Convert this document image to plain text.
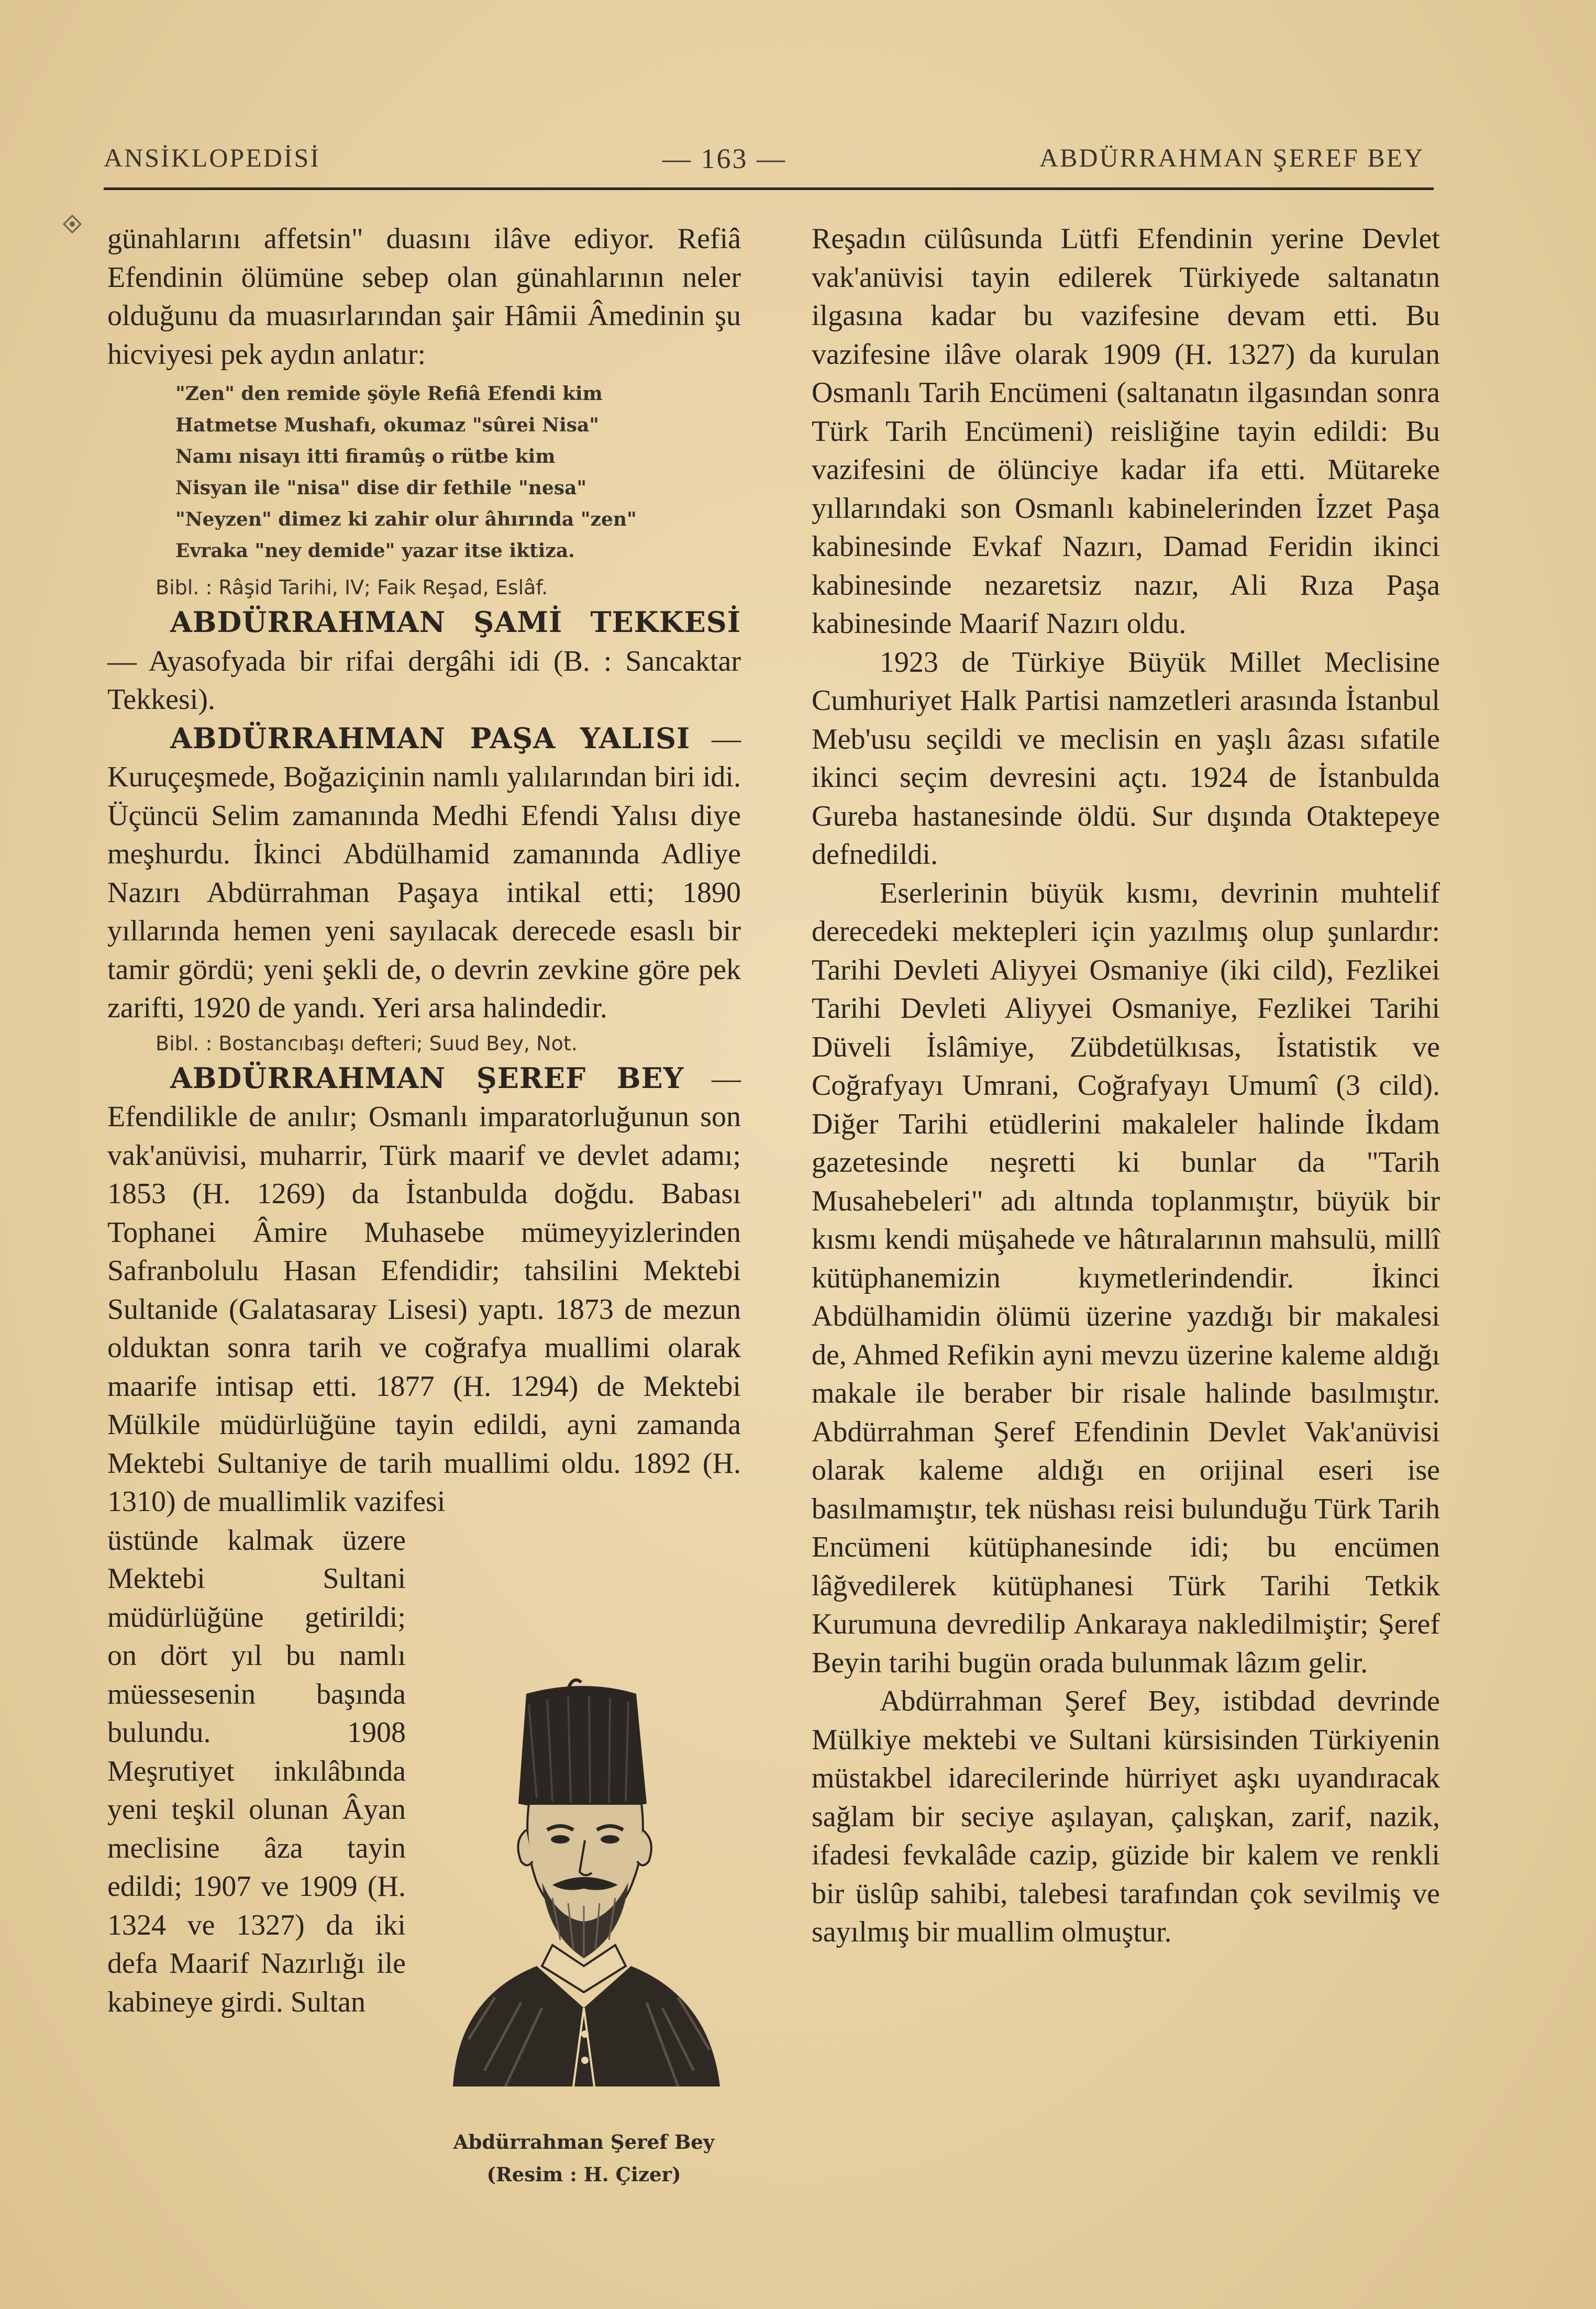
ANSİKLOPEDİSİ	— 163 —	ABDÜRRAHMAN ŞEREF BEY

günahlarını affetsin" duasını ilâve ediyor. Refiâ Efendinin ölümüne sebep olan günahlarının neler olduğunu da muasırlarından şair Hâmii Âmedinin şu hicviyesi pek aydın anlatır:

"Zen" den remide şöyle Refiâ Efendi kim
Hatmetse Mushafı, okumaz "sûrei Nisa"
Namı nisayı itti firamûş o rütbe kim
Nisyan ile "nisa" dise dir fethile "nesa"
"Neyzen" dimez ki zahir olur âhırında "zen"
Evraka "ney demide" yazar itse iktiza.
Bibl. : Râşid Tarihi, IV; Faik Reşad, Eslâf.

ABDÜRRAHMAN ŞAMİ TEKKESİ — Ayasofyada bir rifai dergâhi idi (B. : Sancaktar Tekkesi).

ABDÜRRAHMAN PAŞA YALISI — Kuruçeşmede, Boğaziçinin namlı yalılarından biri idi. Üçüncü Selim zamanında Medhi Efendi Yalısı diye meşhurdu. İkinci Abdülhamid zamanında Adliye Nazırı Abdürrahman Paşaya intikal etti; 1890 yıllarında hemen yeni sayılacak derecede esaslı bir tamir gördü; yeni şekli de, o devrin zevkine göre pek zarifti, 1920 de yandı. Yeri arsa halindedir.

Bibl. : Bostancıbaşı defteri; Suud Bey, Not.

ABDÜRRAHMAN ŞEREF BEY — Efendilikle de anılır; Osmanlı imparatorluğunun son vak'anüvisi, muharrir, Türk maarif ve devlet adamı; 1853 (H. 1269) da İstanbulda doğdu. Babası Tophanei Âmire Muhasebe mümeyyizlerinden Safranbolulu Hasan Efendidir; tahsilini Mektebi Sultanide (Galatasaray Lisesi) yaptı. 1873 de mezun olduktan sonra tarih ve coğrafya muallimi olarak maarife intisap etti. 1877 (H. 1294) de Mektebi Mülkile müdürlüğüne tayin edildi, ayni zamanda Mektebi Sultaniye de tarih muallimi oldu. 1892 (H. 1310) de muallimlik vazifesi

üstünde kalmak üzere Mektebi Sultani müdürlüğüne getirildi; on dört yıl bu namlı müessesenin başında bulundu. 1908 Meşrutiyet inkılâbında yeni teşkil olunan Âyan meclisine âza tayin edildi; 1907 ve 1909 (H. 1324 ve 1327) da iki defa Maarif Nazırlığı ile kabineye girdi. Sultan

Abdürrahman Şeref Bey
(Resim : H. Çizer)

Reşadın cülûsunda Lütfi Efendinin yerine Devlet vak'anüvisi tayin edilerek Türkiyede saltanatın ilgasına kadar bu vazifesine devam etti. Bu vazifesine ilâve olarak 1909 (H. 1327) da kurulan Osmanlı Tarih Encümeni (saltanatın ilgasından sonra Türk Tarih Encümeni) reisliğine tayin edildi: Bu vazifesini de ölünciye kadar ifa etti. Mütareke yıllarındaki son Osmanlı kabinelerinden İzzet Paşa kabinesinde Evkaf Nazırı, Damad Feridin ikinci kabinesinde nezaretsiz nazır, Ali Rıza Paşa kabinesinde Maarif Nazırı oldu.

1923 de Türkiye Büyük Millet Meclisine Cumhuriyet Halk Partisi namzetleri arasında İstanbul Meb'usu seçildi ve meclisin en yaşlı âzası sıfatile ikinci seçim devresini açtı. 1924 de İstanbulda Gureba hastanesinde öldü. Sur dışında Otaktepeye defnedildi.

Eserlerinin büyük kısmı, devrinin muhtelif derecedeki mektepleri için yazılmış olup şunlardır: Tarihi Devleti Aliyyei Osmaniye (iki cild), Fezlikei Tarihi Devleti Aliyyei Osmaniye, Fezlikei Tarihi Düveli İslâmiye, Zübdetülkısas, İstatistik ve Coğrafyayı Umrani, Coğrafyayı Umumî (3 cild). Diğer Tarihi etüdlerini makaleler halinde İkdam gazetesinde neşretti ki bunlar da "Tarih Musahebeleri" adı altında toplanmıştır, büyük bir kısmı kendi müşahede ve hâtıralarının mahsulü, millî kütüphanemizin kıymetlerindendir. İkinci Abdülhamidin ölümü üzerine yazdığı bir makalesi de, Ahmed Refikin ayni mevzu üzerine kaleme aldığı makale ile beraber bir risale halinde basılmıştır. Abdürrahman Şeref Efendinin Devlet Vak'anüvisi olarak kaleme aldığı en orijinal eseri ise basılmamıştır, tek nüshası reisi bulunduğu Türk Tarih Encümeni kütüphanesinde idi; bu encümen lâğvedilerek kütüphanesi Türk Tarihi Tetkik Kurumuna devredilip Ankaraya nakledilmiştir; Şeref Beyin tarihi bugün orada bulunmak lâzım gelir.

Abdürrahman Şeref Bey, istibdad devrinde Mülkiye mektebi ve Sultani kürsisinden Türkiyenin müstakbel idarecilerinde hürriyet aşkı uyandıracak sağlam bir seciye aşılayan, çalışkan, zarif, nazik, ifadesi fevkalâde cazip, güzide bir kalem ve renkli bir üslûp sahibi, talebesi tarafından çok sevilmiş ve sayılmış bir muallim olmuştur.
